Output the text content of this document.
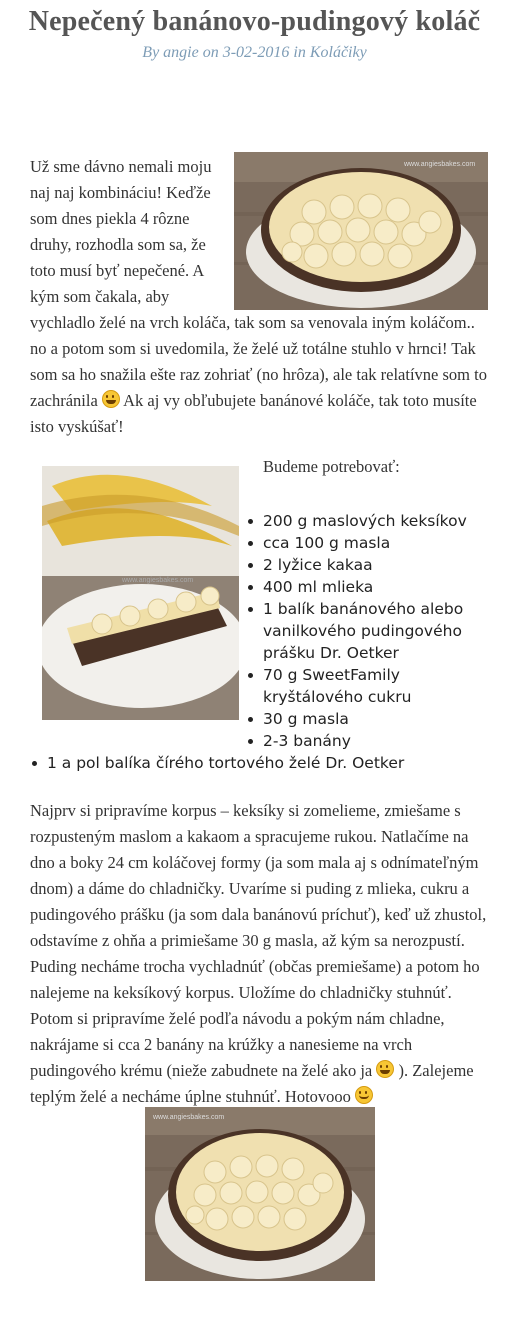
Nepečený banánovo-pudingový koláč
By angie on 3-02-2016 in Koláčiky
www.angiesbakes.com

Už sme dávno nemali moju naj naj kombináciu! Keďže som dnes piekla 4 rôzne druhy, rozhodla som sa, že toto musí byť nepečené. A kým som čakala, aby vychladlo želé na vrch koláča, tak som sa venovala iným koláčom.. no a potom som si uvedomila, že želé už totálne stuhlo v hrnci! Tak som sa ho snažila ešte raz zohriať (no hrôza), ale tak relatívne som to zachránila  Ak aj vy obľubujete banánové koláče, tak toto musíte isto vyskúšať!

www.angiesbakes.com
Budeme potrebovať:
200 g maslových keksíkov
cca 100 g masla
2 lyžice kakaa
400 ml mlieka
1 balík banánového alebo vanilkového pudingového prášku Dr. Oetker
70 g SweetFamily kryštálového cukru
30 g masla
2-3 banány
1 a pol balíka čírého tortového želé Dr. Oetker

Najprv si pripravíme korpus – keksíky si zomelieme, zmiešame s rozpusteným maslom a kakaom a spracujeme rukou. Natlačíme na dno a boky 24 cm koláčovej formy (ja som mala aj s odnímateľným dnom) a dáme do chladničky. Uvaríme si puding z mlieka, cukru a pudingového prášku (ja som dala banánovú príchuť), keď už zhustol, odstavíme z ohňa a primiešame 30 g masla, až kým sa nerozpustí. Puding necháme trocha vychladnúť (občas premiešame) a potom ho nalejeme na keksíkový korpus. Uložíme do chladničky stuhnúť. Potom si pripravíme želé podľa návodu a pokým nám chladne, nakrájame si cca 2 banány na krúžky a nanesieme na vrch pudingového krému (nieže zabudnete na želé ako ja  ). Zalejeme teplým želé a necháme úplne stuhnúť. Hotovooo

www.angiesbakes.com
